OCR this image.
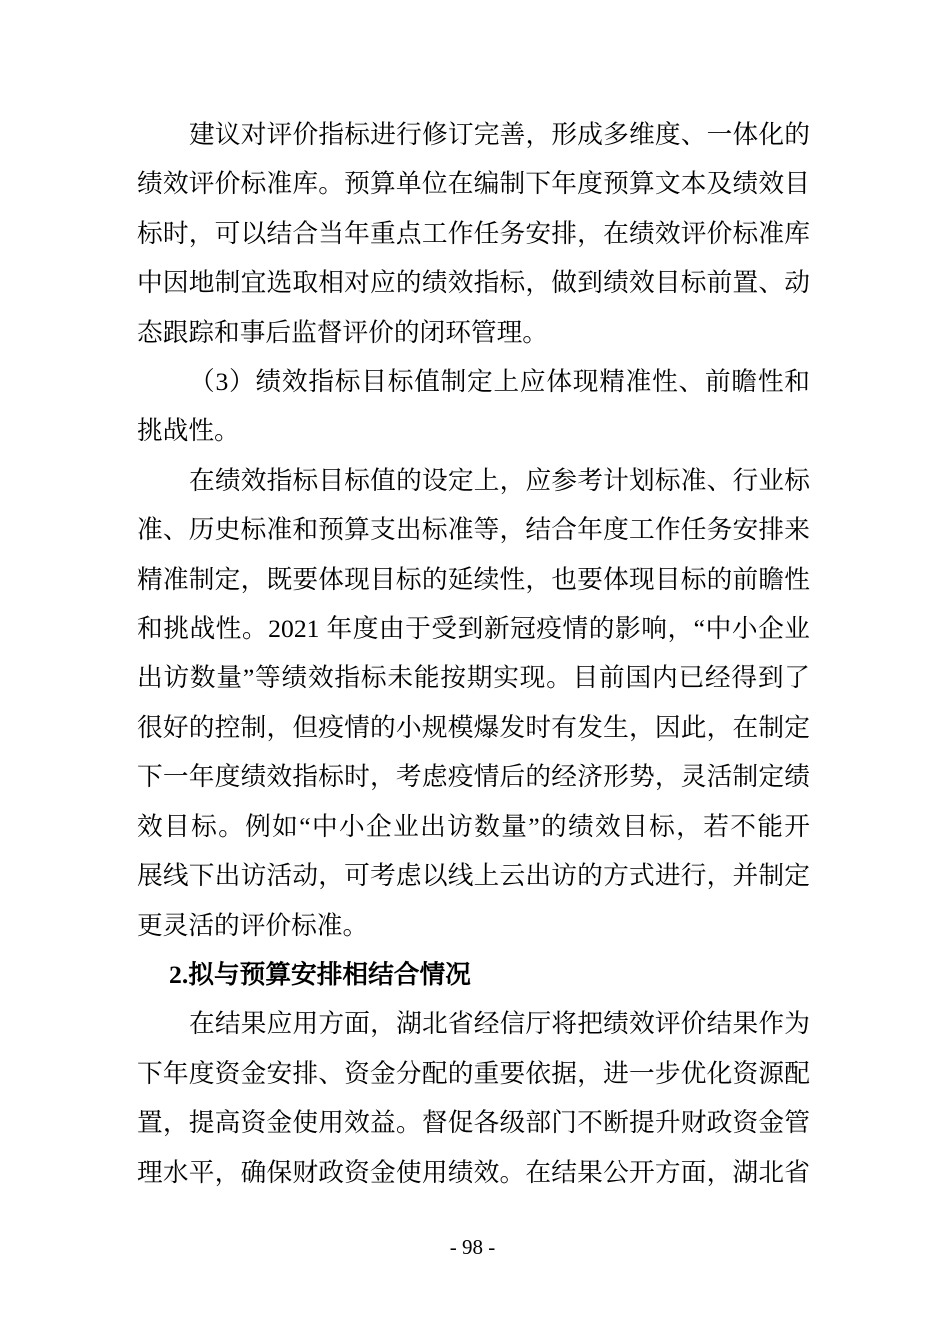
建议对评价指标进行修订完善，形成多维度、一体化的
绩效评价标准库。预算单位在编制下年度预算文本及绩效目
标时，可以结合当年重点工作任务安排，在绩效评价标准库
中因地制宜选取相对应的绩效指标，做到绩效目标前置、动
态跟踪和事后监督评价的闭环管理。
（3）绩效指标目标值制定上应体现精准性、前瞻性和
挑战性。
在绩效指标目标值的设定上，应参考计划标准、行业标
准、历史标准和预算支出标准等，结合年度工作任务安排来
精准制定，既要体现目标的延续性，也要体现目标的前瞻性
和挑战性。2021 年度由于受到新冠疫情的影响，“中小企业
出访数量”等绩效指标未能按期实现。目前国内已经得到了
很好的控制，但疫情的小规模爆发时有发生，因此，在制定
下一年度绩效指标时，考虑疫情后的经济形势，灵活制定绩
效目标。例如“中小企业出访数量”的绩效目标，若不能开
展线下出访活动，可考虑以线上云出访的方式进行，并制定
更灵活的评价标准。
2.拟与预算安排相结合情况
在结果应用方面，湖北省经信厅将把绩效评价结果作为
下年度资金安排、资金分配的重要依据，进一步优化资源配
置，提高资金使用效益。督促各级部门不断提升财政资金管
理水平，确保财政资金使用绩效。在结果公开方面，湖北省
- 98 -
